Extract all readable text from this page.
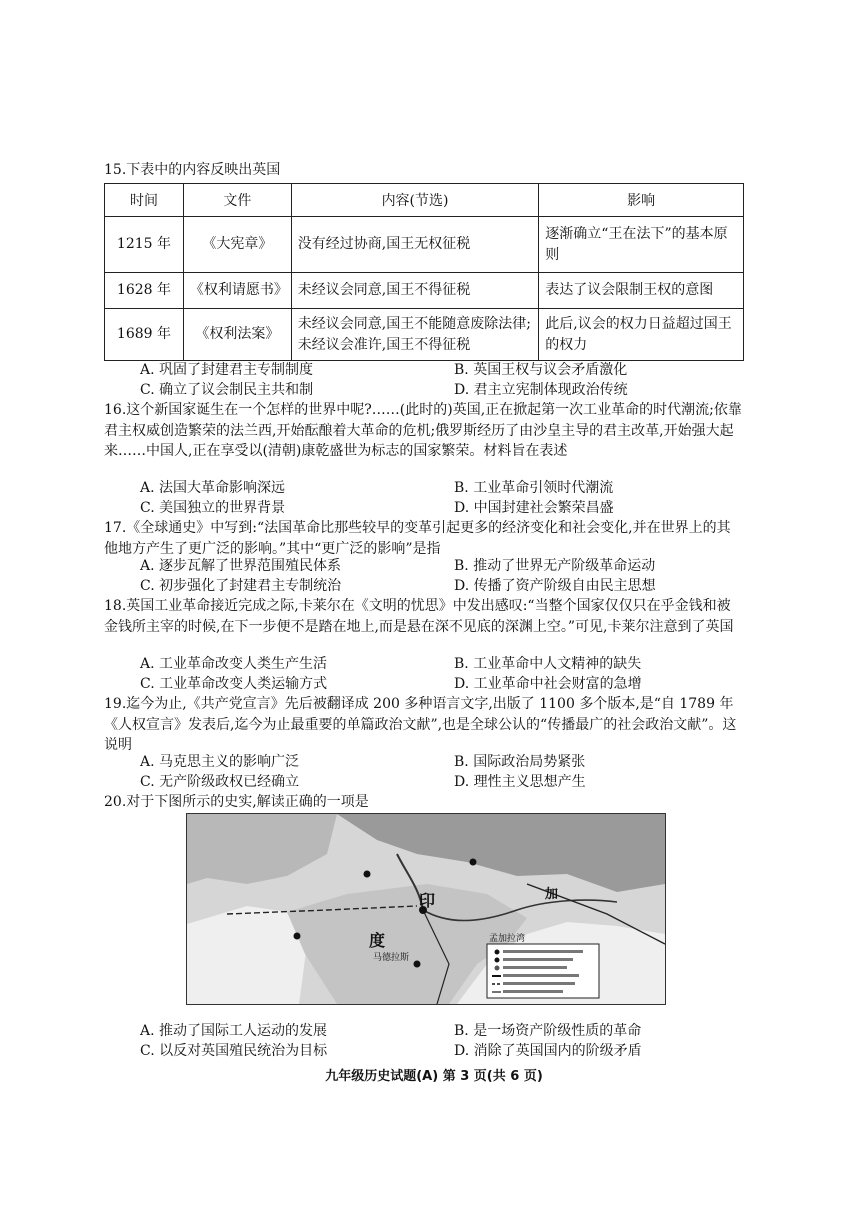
15.下表中的内容反映出英国
时间	文件	内容(节选)	影响
1215 年	《大宪章》	没有经过协商,国王无权征税	逐渐确立“王在法下”的基本原则
1628 年	《权利请愿书》	未经议会同意,国王不得征税	表达了议会限制王权的意图
1689 年	《权利法案》	未经议会同意,国王不能随意废除法律;未经议会准许,国王不得征税	此后,议会的权力日益超过国王的权力
A. 巩固了封建君主专制制度	B. 英国王权与议会矛盾激化
C. 确立了议会制民主共和制	D. 君主立宪制体现政治传统
16.这个新国家诞生在一个怎样的世界中呢?……(此时的)英国,正在掀起第一次工业革命的时代潮流;依靠君主权威创造繁荣的法兰西,开始酝酿着大革命的危机;俄罗斯经历了由沙皇主导的君主改革,开始强大起来……中国人,正在享受以(清朝)康乾盛世为标志的国家繁荣。材料旨在表述
A. 法国大革命影响深远	B. 工业革命引领时代潮流
C. 美国独立的世界背景	D. 中国封建社会繁荣昌盛
17.《全球通史》中写到:“法国革命比那些较早的变革引起更多的经济变化和社会变化,并在世界上的其他地方产生了更广泛的影响。”其中“更广泛的影响”是指
A. 逐步瓦解了世界范围殖民体系	B. 推动了世界无产阶级革命运动
C. 初步强化了封建君主专制统治	D. 传播了资产阶级自由民主思想
18.英国工业革命接近完成之际,卡莱尔在《文明的忧思》中发出感叹:“当整个国家仅仅只在乎金钱和被金钱所主宰的时候,在下一步便不是踏在地上,而是悬在深不见底的深渊上空。”可见,卡莱尔注意到了英国
A. 工业革命改变人类生产生活	B. 工业革命中人文精神的缺失
C. 工业革命改变人类运输方式	D. 工业革命中社会财富的急增
19.迄今为止,《共产党宣言》先后被翻译成 200 多种语言文字,出版了 1100 多个版本,是“自 1789 年《人权宣言》发表后,迄今为止最重要的单篇政治文献”,也是全球公认的“传播最广的社会政治文献”。这说明
A. 马克思主义的影响广泛	B. 国际政治局势紧张
C. 无产阶级政权已经确立	D. 理性主义思想产生
20.对于下图所示的史实,解读正确的一项是
印
度
加
马德拉斯
孟加拉湾
A. 推动了国际工人运动的发展	B. 是一场资产阶级性质的革命
C. 以反对英国殖民统治为目标	D. 消除了英国国内的阶级矛盾
九年级历史试题(A) 第 3 页(共 6 页)
